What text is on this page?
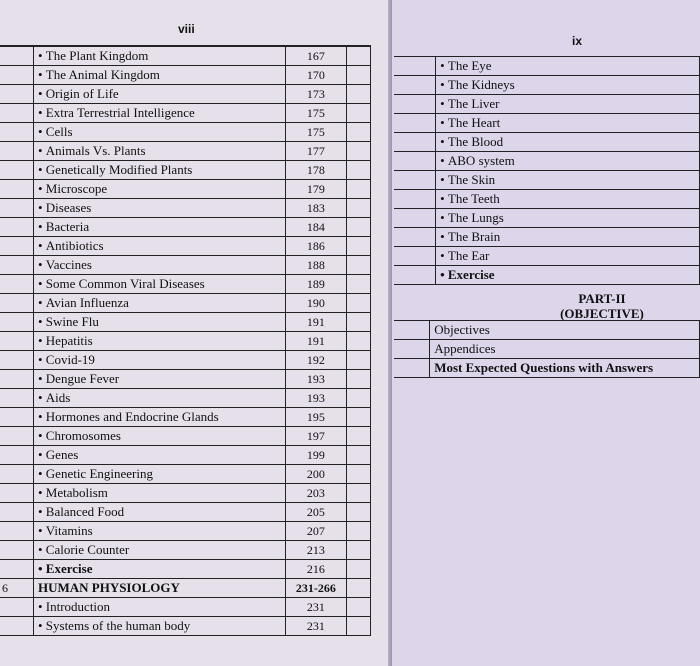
viii
	• The Plant Kingdom	167	
	• The Animal Kingdom	170	
	• Origin of Life	173	
	• Extra Terrestrial Intelligence	175	
	• Cells	175	
	• Animals Vs. Plants	177	
	• Genetically Modified Plants	178	
	• Microscope	179	
	• Diseases	183	
	• Bacteria	184	
	• Antibiotics	186	
	• Vaccines	188	
	• Some Common Viral Diseases	189	
	• Avian Influenza	190	
	• Swine Flu	191	
	• Hepatitis	191	
	• Covid-19	192	
	• Dengue Fever	193	
	• Aids	193	
	• Hormones and Endocrine Glands	195	
	• Chromosomes	197	
	• Genes	199	
	• Genetic Engineering	200	
	• Metabolism	203	
	• Balanced Food	205	
	• Vitamins	207	
	• Calorie Counter	213	
	• Exercise	216	
6	HUMAN PHYSIOLOGY	231-266	
	• Introduction	231	
	• Systems of the human body	231	
ix
	• The Eye
	• The Kidneys
	• The Liver
	• The Heart
	• The Blood
	• ABO system
	• The Skin
	• The Teeth
	• The Lungs
	• The Brain
	• The Ear
	• Exercise
PART-II
(OBJECTIVE)
	Objectives
	Appendices
	Most Expected Questions with Answers
